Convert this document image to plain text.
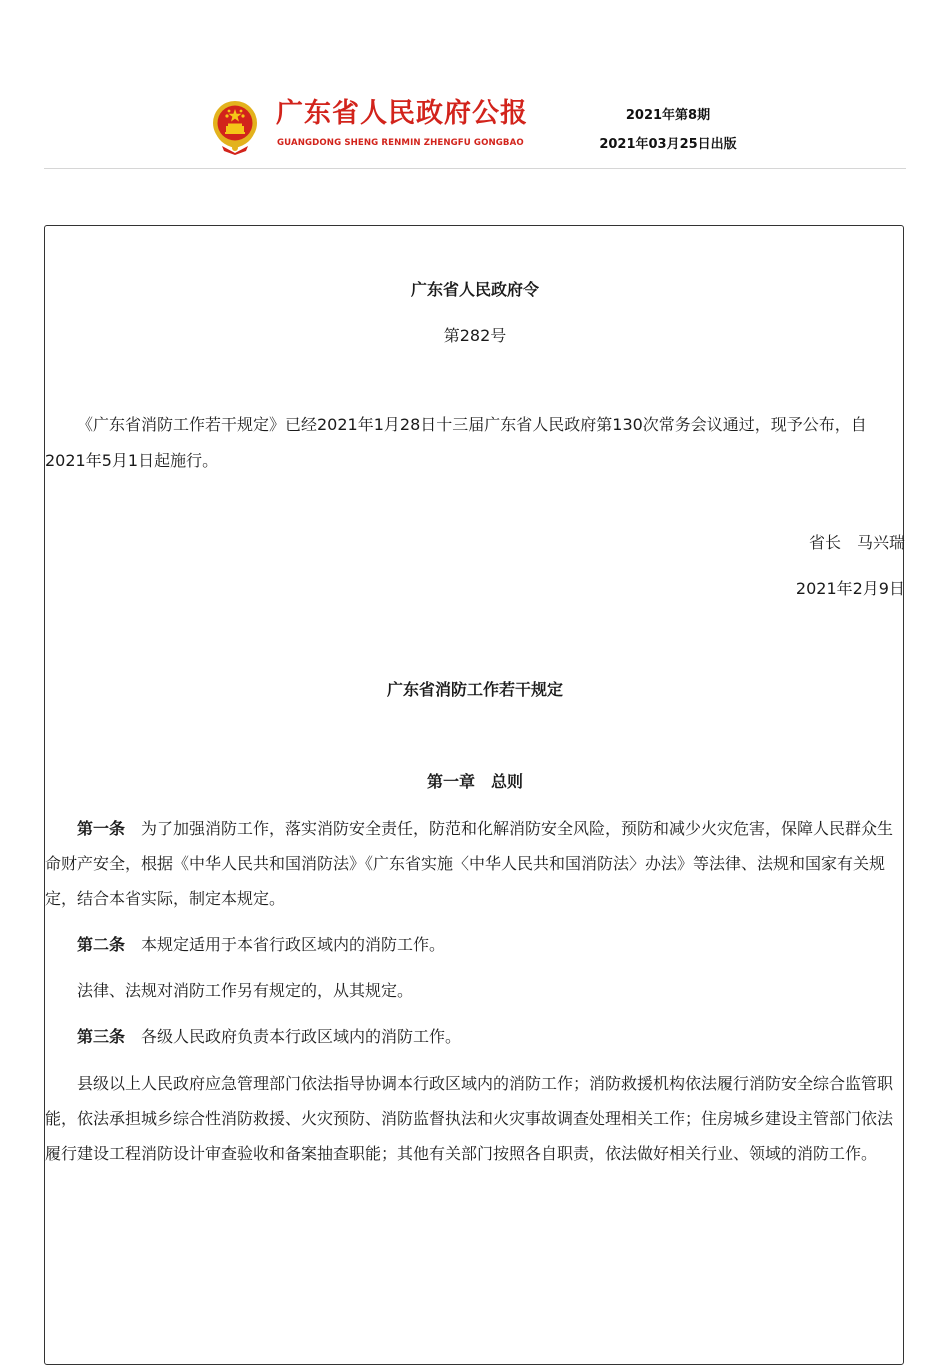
广东省人民政府公报
GUANGDONG SHENG RENMIN ZHENGFU GONGBAO
2021年第8期
2021年03月25日出版

广东省人民政府令

第282号

《广东省消防工作若干规定》已经2021年1月28日十三届广东省人民政府第130次常务会议通过，现予公布，自2021年5月1日起施行。

省长　马兴瑞

2021年2月9日

广东省消防工作若干规定

第一章　总则

第一条 为了加强消防工作，落实消防安全责任，防范和化解消防安全风险，预防和减少火灾危害，保障人民群众生命财产安全，根据《中华人民共和国消防法》《广东省实施〈中华人民共和国消防法〉办法》等法律、法规和国家有关规定，结合本省实际，制定本规定。

第二条 本规定适用于本省行政区域内的消防工作。

法律、法规对消防工作另有规定的，从其规定。

第三条 各级人民政府负责本行政区域内的消防工作。

县级以上人民政府应急管理部门依法指导协调本行政区域内的消防工作；消防救援机构依法履行消防安全综合监管职能，依法承担城乡综合性消防救援、火灾预防、消防监督执法和火灾事故调查处理相关工作；住房城乡建设主管部门依法履行建设工程消防设计审查验收和备案抽查职能；其他有关部门按照各自职责，依法做好相关行业、领域的消防工作。
